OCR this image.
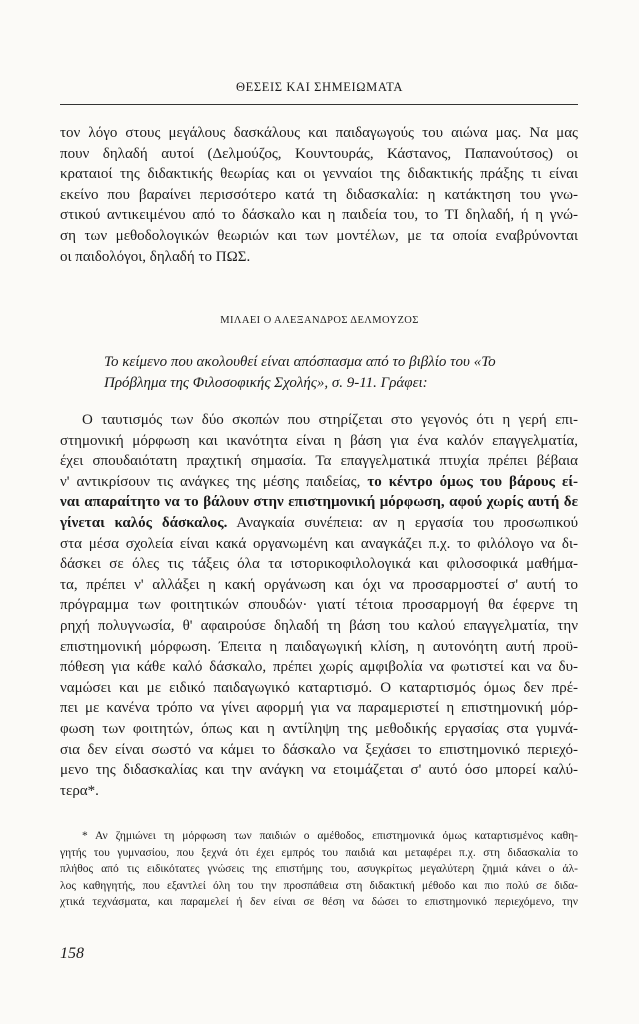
ΘΕΣΕΙΣ ΚΑΙ ΣΗΜΕΙΩΜΑΤΑ
τον λόγο στους μεγάλους δασκάλους και παιδαγωγούς του αιώνα μας. Να μας
πουν δηλαδή αυτοί (Δελμούζος, Κουντουράς, Κάστανος, Παπανούτσος) οι
κραταιοί της διδακτικής θεωρίας και οι γενναίοι της διδακτικής πράξης τι είναι
εκείνο που βαραίνει περισσότερο κατά τη διδασκαλία: η κατάκτηση του γνω-
στικού αντικειμένου από το δάσκαλο και η παιδεία του, το ΤΙ δηλαδή, ή η γνώ-
ση των μεθοδολογικών θεωριών και των μοντέλων, με τα οποία εναβρύνονται
οι παιδολόγοι, δηλαδή το ΠΩΣ.
ΜΙΛΑΕΙ Ο ΑΛΕΞΑΝΔΡΟΣ ΔΕΛΜΟΥΖΟΣ
Το κείμενο που ακολουθεί είναι απόσπασμα από το βιβλίο του «Το
Πρόβλημα της Φιλοσοφικής Σχολής», σ. 9-11. Γράφει:
Ο ταυτισμός των δύο σκοπών που στηρίζεται στο γεγονός ότι η γερή επι-
στημονική μόρφωση και ικανότητα είναι η βάση για ένα καλόν επαγγελματία,
έχει σπουδαιότατη πραχτική σημασία. Τα επαγγελματικά πτυχία πρέπει βέβαια
ν' αντικρίσουν τις ανάγκες της μέσης παιδείας, το κέντρο όμως του βάρους εί-
ναι απαραίτητο να το βάλουν στην επιστημονική μόρφωση, αφού χωρίς αυτή δε
γίνεται καλός δάσκαλος. Αναγκαία συνέπεια: αν η εργασία του προσωπικού
στα μέσα σχολεία είναι κακά οργανωμένη και αναγκάζει π.χ. το φιλόλογο να δι-
δάσκει σε όλες τις τάξεις όλα τα ιστορικοφιλολογικά και φιλοσοφικά μαθήμα-
τα, πρέπει ν' αλλάξει η κακή οργάνωση και όχι να προσαρμοστεί σ' αυτή το
πρόγραμμα των φοιτητικών σπουδών· γιατί τέτοια προσαρμογή θα έφερνε τη
ρηχή πολυγνωσία, θ' αφαιρούσε δηλαδή τη βάση του καλού επαγγελματία, την
επιστημονική μόρφωση. Έπειτα η παιδαγωγική κλίση, η αυτονόητη αυτή προϋ-
πόθεση για κάθε καλό δάσκαλο, πρέπει χωρίς αμφιβολία να φωτιστεί και να δυ-
ναμώσει και με ειδικό παιδαγωγικό καταρτισμό. Ο καταρτισμός όμως δεν πρέ-
πει με κανένα τρόπο να γίνει αφορμή για να παραμεριστεί η επιστημονική μόρ-
φωση των φοιτητών, όπως και η αντίληψη της μεθοδικής εργασίας στα γυμνά-
σια δεν είναι σωστό να κάμει το δάσκαλο να ξεχάσει το επιστημονικό περιεχό-
μενο της διδασκαλίας και την ανάγκη να ετοιμάζεται σ' αυτό όσο μπορεί καλύ-
τερα*.
* Αν ζημιώνει τη μόρφωση των παιδιών ο αμέθοδος, επιστημονικά όμως καταρτισμένος καθη-
γητής του γυμνασίου, που ξεχνά ότι έχει εμπρός του παιδιά και μεταφέρει π.χ. στη διδασκαλία το
πλήθος από τις ειδικότατες γνώσεις της επιστήμης του, ασυγκρίτως μεγαλύτερη ζημιά κάνει ο άλ-
λος καθηγητής, που εξαντλεί όλη του την προσπάθεια στη διδακτική μέθοδο και πιο πολύ σε διδα-
χτικά τεχνάσματα, και παραμελεί ή δεν είναι σε θέση να δώσει το επιστημονικό περιεχόμενο, την
158
